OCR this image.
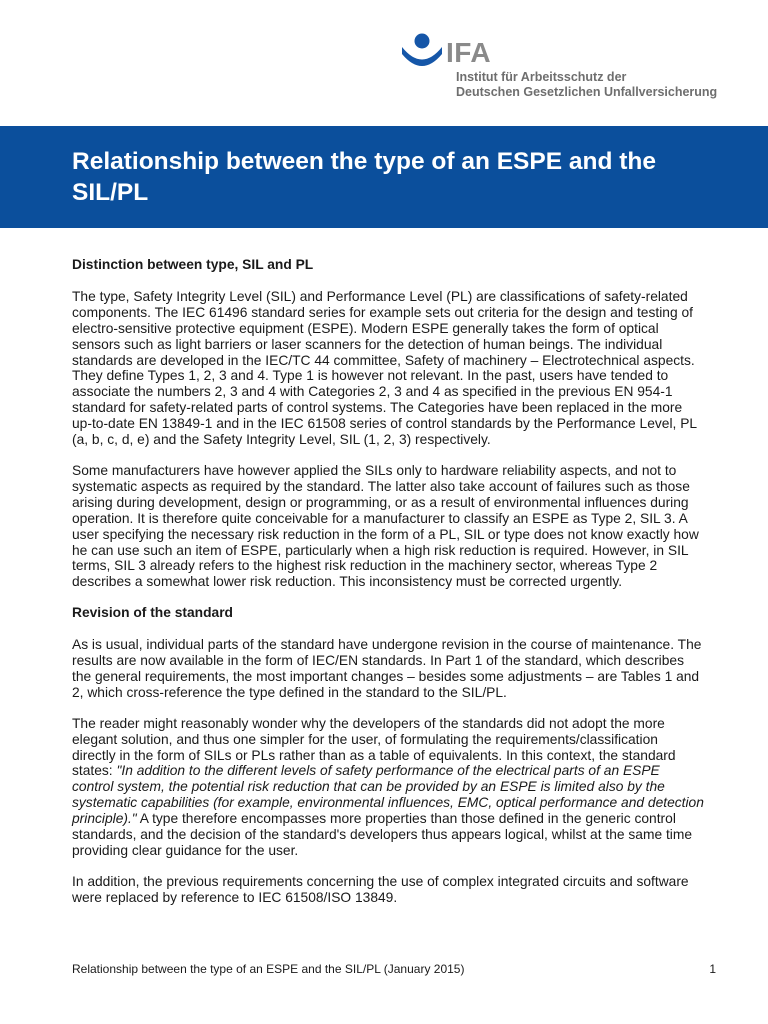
IFA
Institut für Arbeitsschutz der
Deutschen Gesetzlichen Unfallversicherung
Relationship between the type of an ESPE and the SIL/PL
Distinction between type, SIL and PL

The type, Safety Integrity Level (SIL) and Performance Level (PL) are classifications of safety-related components. The IEC 61496 standard series for example sets out criteria for the design and testing of electro-sensitive protective equipment (ESPE). Modern ESPE generally takes the form of optical sensors such as light barriers or laser scanners for the detection of human beings. The individual standards are developed in the IEC/TC 44 committee, Safety of machinery – Electrotechnical aspects. They define Types 1, 2, 3 and 4. Type 1 is however not relevant. In the past, users have tended to associate the numbers 2, 3 and 4 with Categories 2, 3 and 4 as specified in the previous EN 954-1 standard for safety-related parts of control systems. The Categories have been replaced in the more up-to-date EN 13849-1 and in the IEC 61508 series of control standards by the Performance Level, PL (a, b, c, d, e) and the Safety Integrity Level, SIL (1, 2, 3) respectively.

Some manufacturers have however applied the SILs only to hardware reliability aspects, and not to systematic aspects as required by the standard. The latter also take account of failures such as those arising during development, design or programming, or as a result of environmental influences during operation. It is therefore quite conceivable for a manufacturer to classify an ESPE as Type 2, SIL 3. A user specifying the necessary risk reduction in the form of a PL, SIL or type does not know exactly how he can use such an item of ESPE, particularly when a high risk reduction is required. However, in SIL terms, SIL 3 already refers to the highest risk reduction in the machinery sector, whereas Type 2 describes a somewhat lower risk reduction. This inconsistency must be corrected urgently.

Revision of the standard

As is usual, individual parts of the standard have undergone revision in the course of maintenance. The results are now available in the form of IEC/EN standards. In Part 1 of the standard, which describes the general requirements, the most important changes – besides some adjustments – are Tables 1 and 2, which cross-reference the type defined in the standard to the SIL/PL.

The reader might reasonably wonder why the developers of the standards did not adopt the more elegant solution, and thus one simpler for the user, of formulating the requirements/classification directly in the form of SILs or PLs rather than as a table of equivalents. In this context, the standard states: "In addition to the different levels of safety performance of the electrical parts of an ESPE control system, the potential risk reduction that can be provided by an ESPE is limited also by the systematic capabilities (for example, environmental influences, EMC, optical performance and detection principle)." A type therefore encompasses more properties than those defined in the generic control standards, and the decision of the standard's developers thus appears logical, whilst at the same time providing clear guidance for the user.

In addition, the previous requirements concerning the use of complex integrated circuits and software were replaced by reference to IEC 61508/ISO 13849.

Relationship between the type of an ESPE and the SIL/PL (January 2015)	1
